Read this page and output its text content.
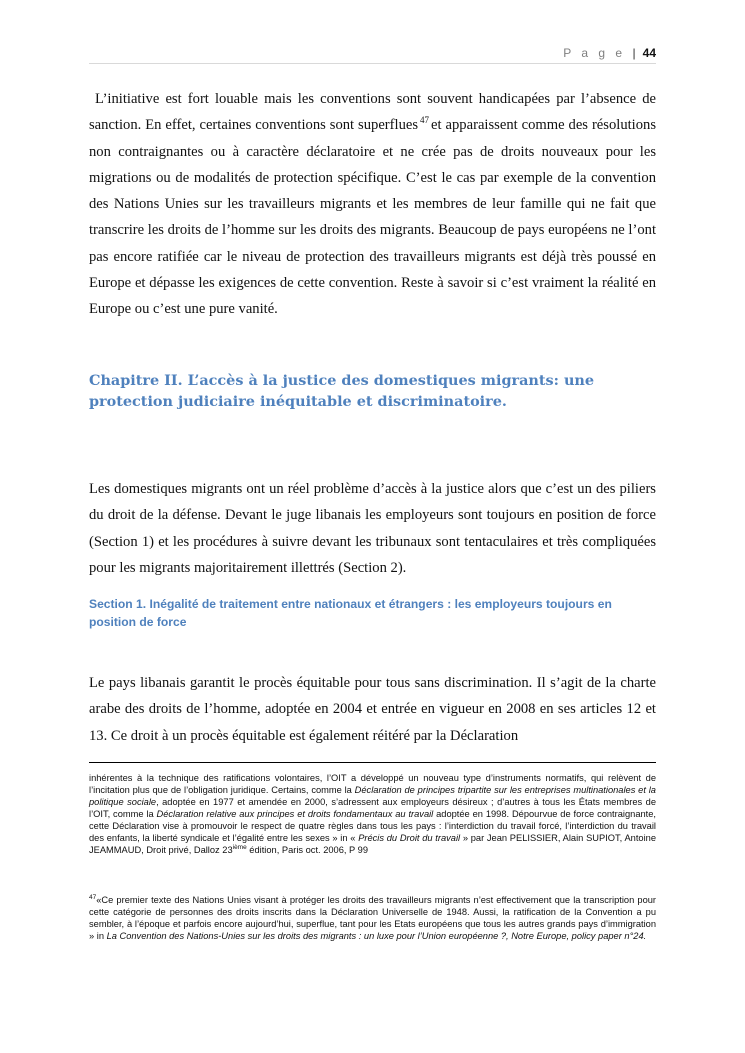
P a g e | 44

L’initiative est fort louable mais les conventions sont souvent handicapées par l’absence de sanction. En effet, certaines conventions sont superflues $^{47}$ et apparaissent comme des résolutions non contraignantes ou à caractère déclaratoire et ne crée pas de droits nouveaux pour les migrations ou de modalités de protection spécifique. C’est le cas par exemple de la convention des Nations Unies sur les travailleurs migrants et les membres de leur famille qui ne fait que transcrire les droits de l’homme sur les droits des migrants. Beaucoup de pays européens ne l’ont pas encore ratifiée car le niveau de protection des travailleurs migrants est déjà très poussé en Europe et dépasse les exigences de cette convention. Reste à savoir si c’est vraiment la réalité en Europe ou c’est une pure vanité.

Chapitre II. L’accès à la justice des domestiques migrants: une protection judiciaire inéquitable et discriminatoire.

Les domestiques migrants ont un réel problème d’accès à la justice alors que c’est un des piliers du droit de la défense. Devant le juge libanais les employeurs sont toujours en position de force (Section 1) et les procédures à suivre devant les tribunaux sont tentaculaires et très compliquées pour les migrants majoritairement illettrés (Section 2).

Section 1. Inégalité de traitement entre nationaux et étrangers : les employeurs toujours en position de force

Le pays libanais garantit le procès équitable pour tous sans discrimination. Il s’agit de la charte arabe des droits de l’homme, adoptée en 2004 et entrée en vigueur en 2008 en ses articles 12 et 13. Ce droit à un procès équitable est également réitéré par la Déclaration

inhérentes à la technique des ratifications volontaires, l’OIT a développé un nouveau type d’instruments normatifs, qui relèvent de l’incitation plus que de l’obligation juridique. Certains, comme la Déclaration de principes tripartite sur les entreprises multinationales et la politique sociale, adoptée en 1977 et amendée en 2000, s’adressent aux employeurs désireux ; d’autres à tous les États membres de l’OIT, comme la Déclaration relative aux principes et droits fondamentaux au travail adoptée en 1998. Dépourvue de force contraignante, cette Déclaration vise à promouvoir le respect de quatre règles dans tous les pays : l’interdiction du travail forcé, l’interdiction du travail des enfants, la liberté syndicale et l’égalité entre les sexes » in « Précis du Droit du travail » par Jean PELISSIER, Alain SUPIOT, Antoine JEAMMAUD, Droit privé, Dalloz 23ième édition, Paris oct. 2006, P 99

$^{47}$«Ce premier texte des Nations Unies visant à protéger les droits des travailleurs migrants n’est effectivement que la transcription pour cette catégorie de personnes des droits inscrits dans la Déclaration Universelle de 1948. Aussi, la ratification de la Convention a pu sembler, à l’époque et parfois encore aujourd’hui, superflue, tant pour les Etats européens que tous les autres grands pays d’immigration » in La Convention des Nations-Unies sur les droits des migrants : un luxe pour l’Union européenne ?, Notre Europe, policy paper n°24.
